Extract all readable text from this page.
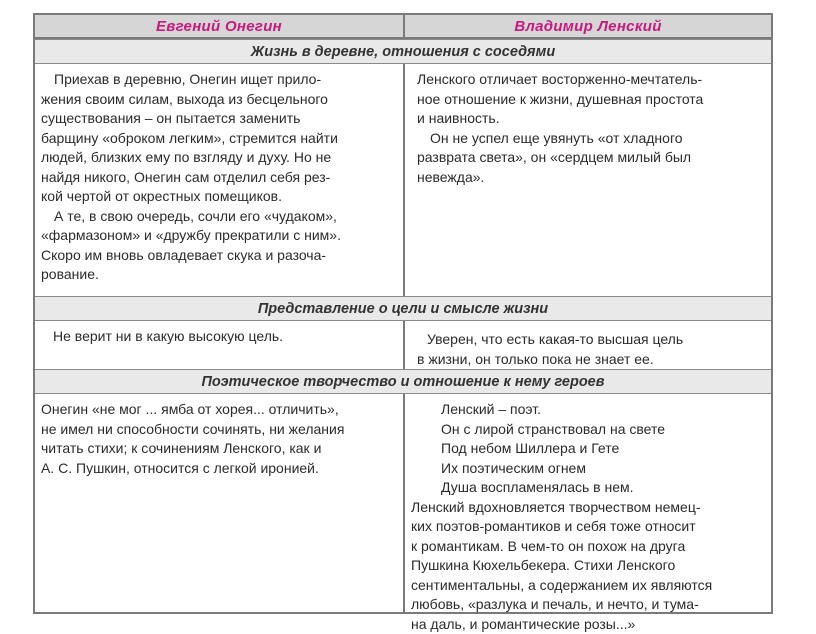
Евгений Онегин	Владимир Ленский
Жизнь в деревне, отношения с соседями

Приехав в деревню, Онегин ищет прило-

жения своим силам, выхода из бесцельного

существования – он пытается заменить

барщину «оброком легким», стремится найти

людей, близких ему по взгляду и духу. Но не

найдя никого, Онегин сам отделил себя рез-

кой чертой от окрестных помещиков.

А те, в свою очередь, сочли его «чудаком»,

«фармазоном» и «дружбу прекратили с ним».

Скоро им вновь овладевает скука и разоча-

рование.

Ленского отличает восторженно-мечтатель-

ное отношение к жизни, душевная простота

и наивность.

Он не успел еще увянуть «от хладного

разврата света», он «сердцем милый был

невежда».

Представление о цели и смысле жизни

Не верит ни в какую высокую цель.	Уверен, что есть какая-то высшая цель

в жизни, он только пока не знает ее.

Поэтическое творчество и отношение к нему героев

Онегин «не мог ... ямба от хорея... отличить»,

не имел ни способности сочинять, ни желания

читать стихи; к сочинениям Ленского, как и

А. С. Пушкин, относится с легкой иронией.

Ленский – поэт.

Он с лирой странствовал на свете

Под небом Шиллера и Гете

Их поэтическим огнем

Душа воспламенялась в нем.

Ленский вдохновляется творчеством немец-

ких поэтов-романтиков и себя тоже относит

к романтикам. В чем-то он похож на друга

Пушкина Кюхельбекера. Стихи Ленского

сентиментальны, а содержанием их являются

любовь, «разлука и печаль, и нечто, и тума-

на даль, и романтические розы...»
